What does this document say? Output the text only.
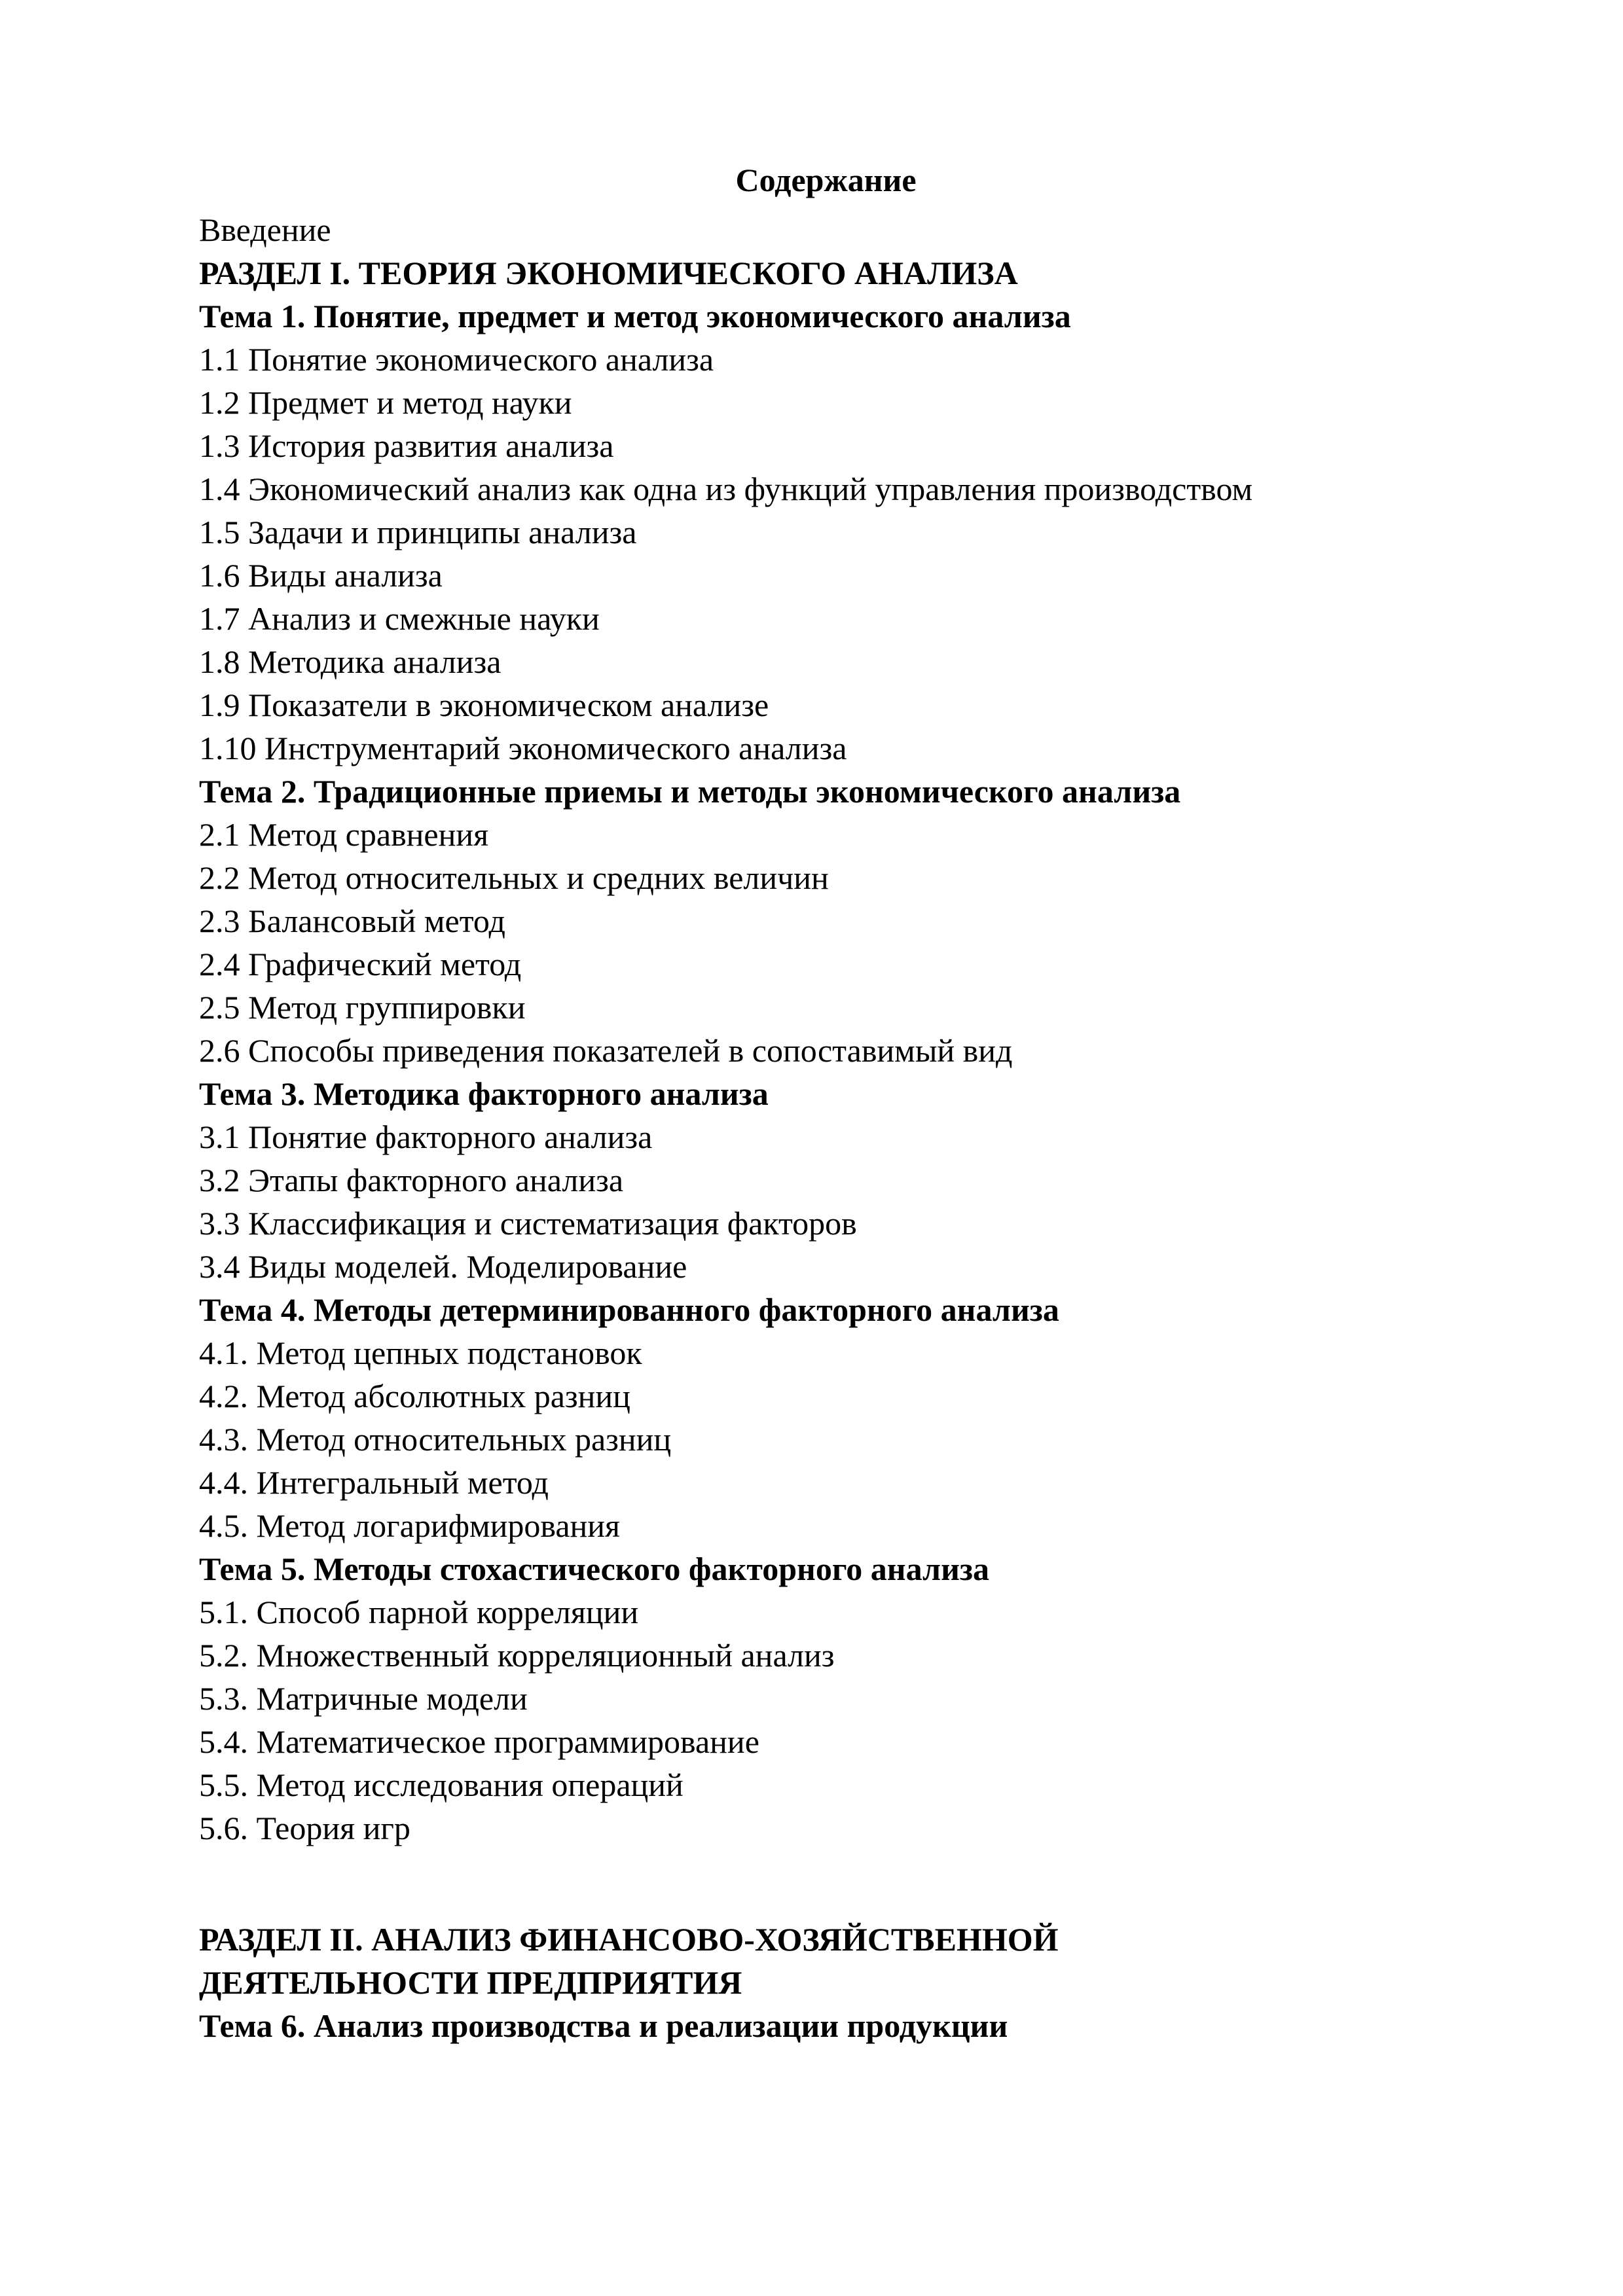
Содержание

Введение

РАЗДЕЛ I. ТЕОРИЯ ЭКОНОМИЧЕСКОГО АНАЛИЗА

Тема 1. Понятие, предмет и метод экономического анализа

1.1 Понятие экономического анализа

1.2 Предмет и метод науки

1.3 История развития анализа

1.4 Экономический анализ как одна из функций управления производством

1.5 Задачи и принципы анализа

1.6 Виды анализа

1.7 Анализ и смежные науки

1.8 Методика анализа

1.9 Показатели в экономическом анализе

1.10 Инструментарий экономического анализа

Тема 2. Традиционные приемы и методы экономического анализа

2.1 Метод сравнения

2.2 Метод относительных и средних величин

2.3 Балансовый метод

2.4 Графический метод

2.5 Метод группировки

2.6 Способы приведения показателей в сопоставимый вид

Тема 3. Методика факторного анализа

3.1 Понятие факторного анализа

3.2 Этапы факторного анализа

3.3 Классификация и систематизация факторов

3.4 Виды моделей. Моделирование

Тема 4. Методы детерминированного факторного анализа

4.1. Метод цепных подстановок

4.2. Метод абсолютных разниц

4.3. Метод относительных разниц

4.4. Интегральный метод

4.5. Метод логарифмирования

Тема 5. Методы стохастического факторного анализа

5.1. Способ парной корреляции

5.2. Множественный корреляционный анализ

5.3. Матричные модели

5.4. Математическое программирование

5.5. Метод исследования операций

5.6. Теория игр

РАЗДЕЛ II. АНАЛИЗ ФИНАНСОВО-ХОЗЯЙСТВЕННОЙ

ДЕЯТЕЛЬНОСТИ ПРЕДПРИЯТИЯ

Тема 6. Анализ производства и реализации продукции
